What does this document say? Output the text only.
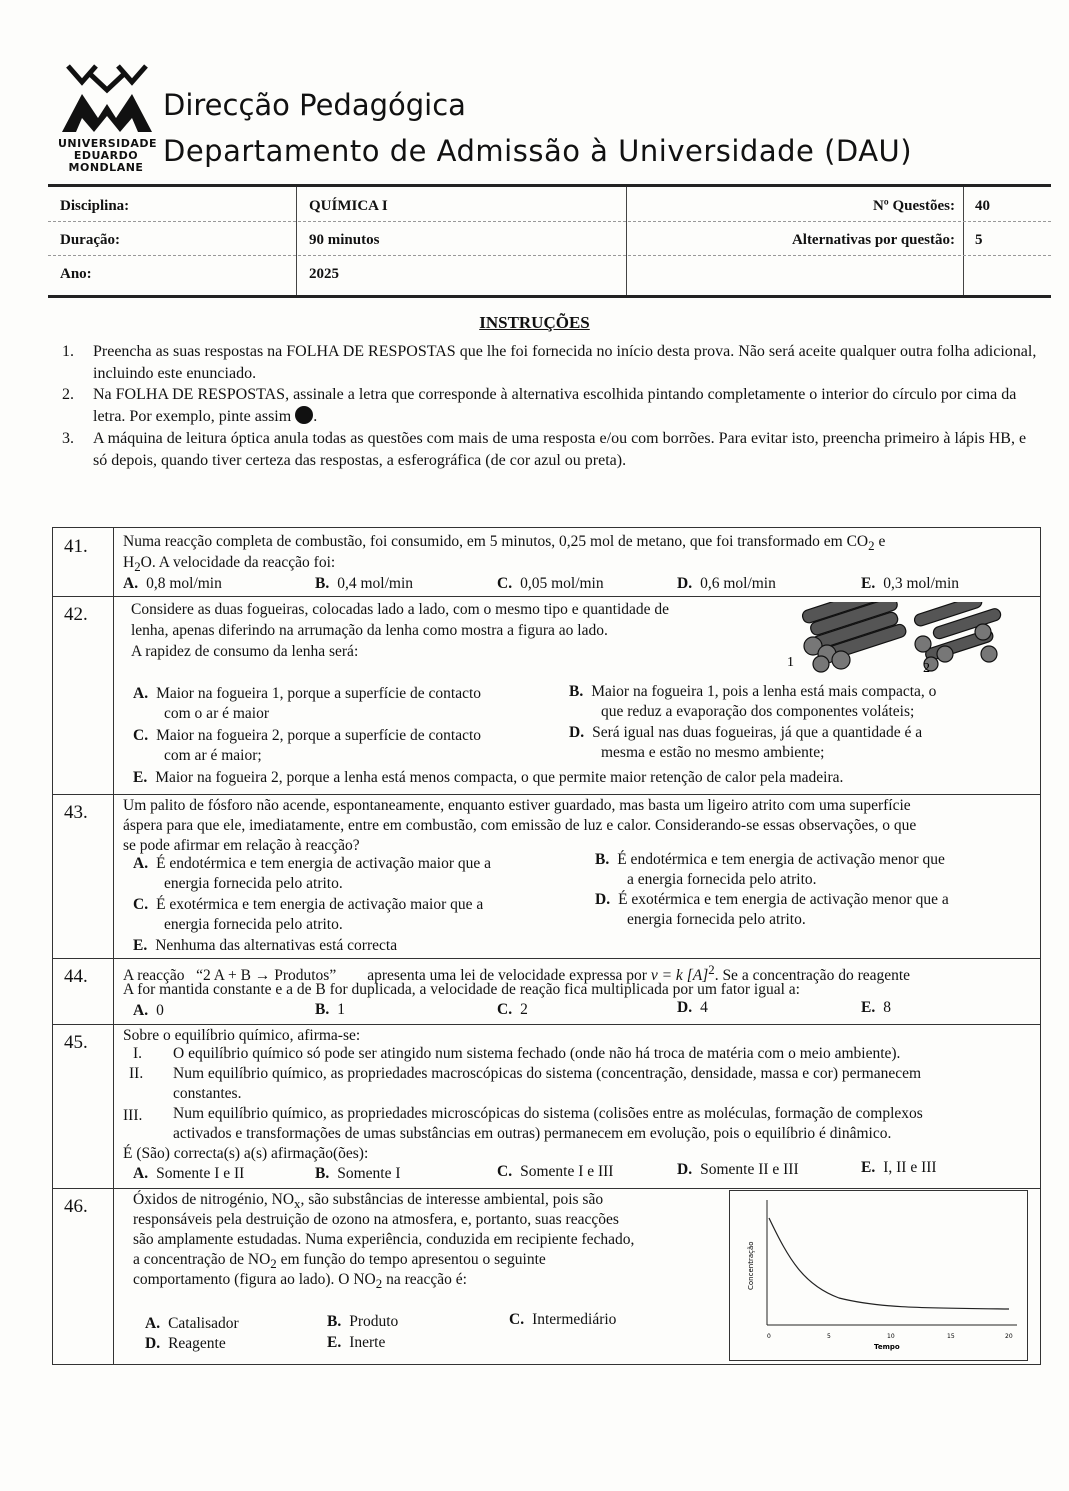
UNIVERSIDADE EDUARDO MONDLANE
Direcção Pedagógica
Departamento de Admissão à Universidade (DAU)
Disciplina:	QUÍMICA I	Nº Questões: 40
Duração:	90 minutos	Alternativas por questão: 5
Ano:	2025
INSTRUÇÕES
1. Preencha as suas respostas na FOLHA DE RESPOSTAS que lhe foi fornecida no início desta prova. Não será aceite qualquer outra folha adicional, incluindo este enunciado.
2. Na FOLHA DE RESPOSTAS, assinale a letra que corresponde à alternativa escolhida pintando completamente o interior do círculo por cima da letra. Por exemplo, pinte assim .
3. A máquina de leitura óptica anula todas as questões com mais de uma resposta e/ou com borrões. Para evitar isto, preencha primeiro à lápis HB, e só depois, quando tiver certeza das respostas, a esferográfica (de cor azul ou preta).
41. Numa reacção completa de combustão, foi consumido, em 5 minutos, 0,25 mol de metano, que foi transformado em $CO_2$ e
$H_2O$. A velocidade da reacção foi:
A. 0,8 mol/min	B. 0,4 mol/min	C. 0,05 mol/min	D. 0,6 mol/min	E. 0,3 mol/min
42.	Considere as duas fogueiras, colocadas lado a lado, com o mesmo tipo e quantidade de
lenha, apenas diferindo na arrumação da lenha como mostra a figura ao lado.
A rapidez de consumo da lenha será:
1	2
A. Maior na fogueira 1, porque a superfície de contacto
com o ar é maior
B. Maior na fogueira 1, pois a lenha está mais compacta, o
que reduz a evaporação dos componentes voláteis;
C. Maior na fogueira 2, porque a superfície de contacto
com ar é maior;
D. Será igual nas duas fogueiras, já que a quantidade é a
mesma e estão no mesmo ambiente;
E. Maior na fogueira 2, porque a lenha está menos compacta, o que permite maior retenção de calor pela madeira.
43. Um palito de fósforo não acende, espontaneamente, enquanto estiver guardado, mas basta um ligeiro atrito com uma superfície
áspera para que ele, imediatamente, entre em combustão, com emissão de luz e calor. Considerando-se essas observações, o que
se pode afirmar em relação à reacção?
A. É endotérmica e tem energia de activação maior que a
energia fornecida pelo atrito.
B. É endotérmica e tem energia de activação menor que
a energia fornecida pelo atrito.
C. É exotérmica e tem energia de activação maior que a
energia fornecida pelo atrito.
D. É exotérmica e tem energia de activação menor que a
energia fornecida pelo atrito.
E. Nenhuma das alternativas está correcta
44. A reacção “2 A + B → Produtos” apresenta uma lei de velocidade expressa por v = k $[A]^2$. Se a concentração do reagente
A for mantida constante e a de B for duplicada, a velocidade de reação fica multiplicada por um fator igual a:
A. 0	B. 1	C. 2	D. 4	E. 8
45. Sobre o equilíbrio químico, afirma-se:
I. O equilíbrio químico só pode ser atingido num sistema fechado (onde não há troca de matéria com o meio ambiente).
II. Num equilíbrio químico, as propriedades macroscópicas do sistema (concentração, densidade, massa e cor) permanecem
constantes.
III. Num equilíbrio químico, as propriedades microscópicas do sistema (colisões entre as moléculas, formação de complexos
activados e transformações de umas substâncias em outras) permanecem em evolução, pois o equilíbrio é dinâmico.
É (São) correcta(s) a(s) afirmação(ões):
A. Somente I e II	B. Somente I	C. Somente I e III	D. Somente II e III	E. I, II e III
46.	Óxidos de nitrogénio, $NO_x$, são substâncias de interesse ambiental, pois são
responsáveis pela destruição de ozono na atmosfera, e, portanto, suas reacções
são amplamente estudadas. Numa experiência, conduzida em recipiente fechado,
a concentração de $NO_2$ em função do tempo apresentou o seguinte
comportamento (figura ao lado). O $NO_2$ na reacção é:
A. Catalisador	B. Produto	C. Intermediário
D. Reagente	E. Inerte
Concentração
Tempo
0	5	10	15	20
